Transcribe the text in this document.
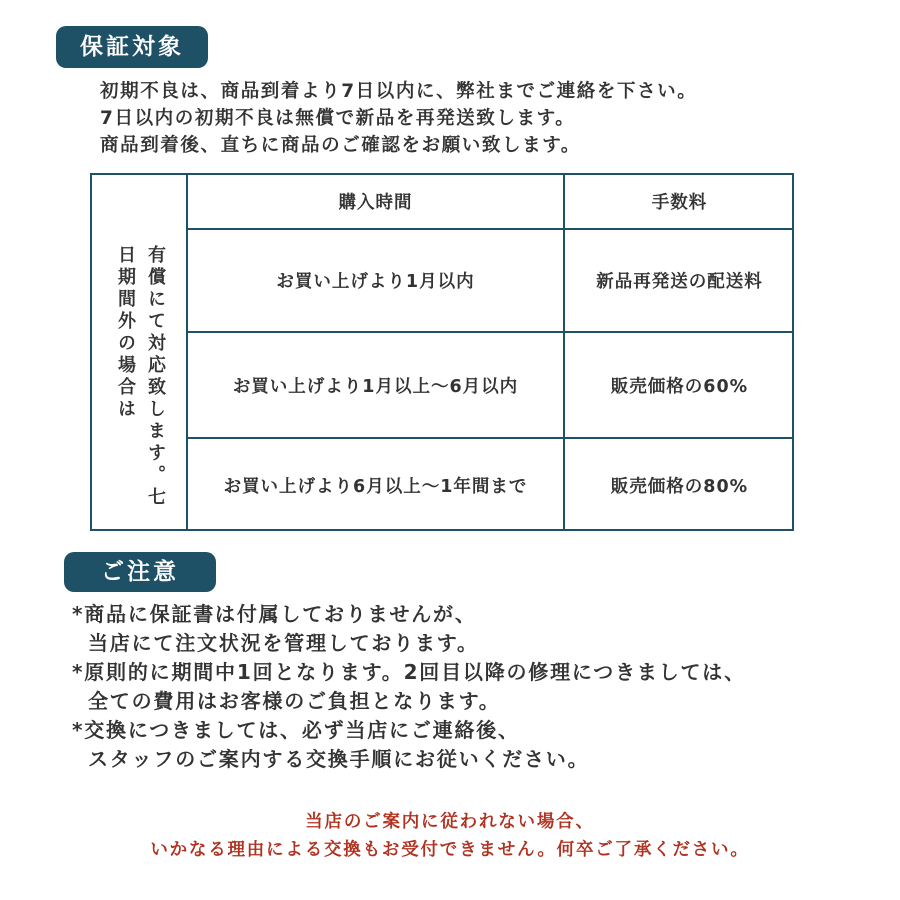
保証対象
初期不良は、商品到着より7日以内に、弊社までご連絡を下さい。
7日以内の初期不良は無償で新品を再発送致します。
商品到着後、直ちに商品のご確認をお願い致します。
有償にて対応致します。七日期間外の場合は
購入時間	手数料
お買い上げより1月以内	新品再発送の配送料
お買い上げより1月以上～6月以内	販売価格の60%
お買い上げより6月以上～1年間まで	販売価格の80%
ご注意
*商品に保証書は付属しておりませんが、
当店にて注文状況を管理しております。
*原則的に期間中1回となります。2回目以降の修理につきましては、
全ての費用はお客様のご負担となります。
*交換につきましては、必ず当店にご連絡後、
スタッフのご案内する交換手順にお従いください。
当店のご案内に従われない場合、
いかなる理由による交換もお受付できません。何卒ご了承ください。
